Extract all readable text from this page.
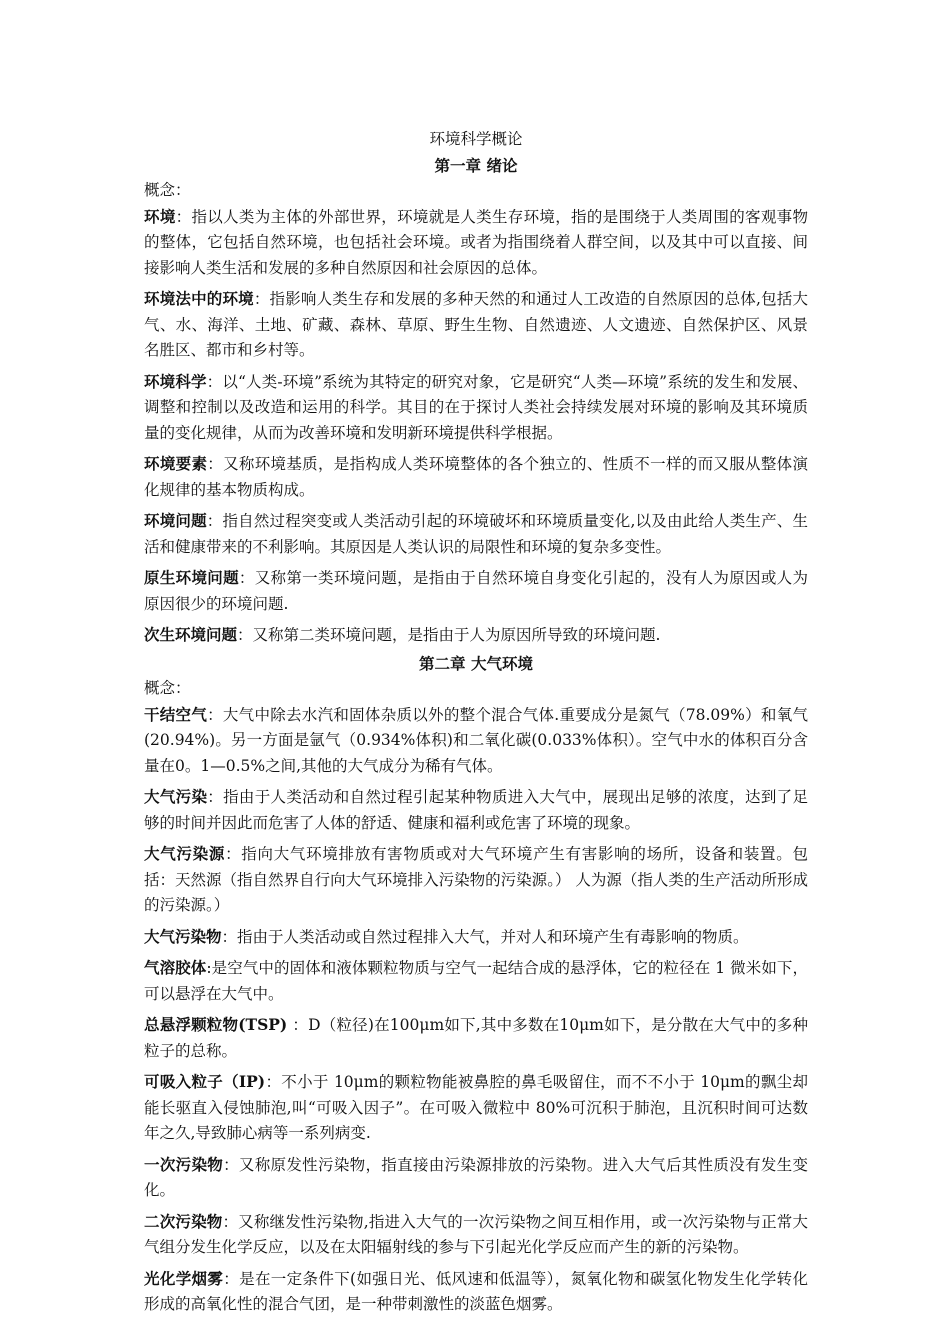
环境科学概论

第一章 绪论

概念：

环境：指以人类为主体的外部世界，环境就是人类生存环境，指的是围绕于人类周围的客观事物的整体，它包括自然环境，也包括社会环境。或者为指围绕着人群空间，以及其中可以直接、间接影响人类生活和发展的多种自然原因和社会原因的总体。

环境法中的环境：指影响人类生存和发展的多种天然的和通过人工改造的自然原因的总体,包括大气、水、海洋、土地、矿藏、森林、草原、野生生物、自然遗迹、人文遗迹、自然保护区、风景名胜区、都市和乡村等。

环境科学：以“人类-环境”系统为其特定的研究对象，它是研究“人类—环境”系统的发生和发展、调整和控制以及改造和运用的科学。其目的在于探讨人类社会持续发展对环境的影响及其环境质量的变化规律，从而为改善环境和发明新环境提供科学根据。

环境要素：又称环境基质，是指构成人类环境整体的各个独立的、性质不一样的而又服从整体演化规律的基本物质构成。

环境问题：指自然过程突变或人类活动引起的环境破坏和环境质量变化,以及由此给人类生产、生活和健康带来的不利影响。其原因是人类认识的局限性和环境的复杂多变性。

原生环境问题：又称第一类环境问题，是指由于自然环境自身变化引起的，没有人为原因或人为原因很少的环境问题.

次生环境问题：又称第二类环境问题，是指由于人为原因所导致的环境问题.

第二章 大气环境

概念：

干结空气：大气中除去水汽和固体杂质以外的整个混合气体.重要成分是氮气（78.09%）和氧气(20.94%)。另一方面是氩气（0.934%体积)和二氧化碳(0.033%体积）。空气中水的体积百分含量在0。1—0.5%之间,其他的大气成分为稀有气体。

大气污染：指由于人类活动和自然过程引起某种物质进入大气中，展现出足够的浓度，达到了足够的时间并因此而危害了人体的舒适、健康和福利或危害了环境的现象。

大气污染源：指向大气环境排放有害物质或对大气环境产生有害影响的场所，设备和装置。包括：天然源（指自然界自行向大气环境排入污染物的污染源。） 人为源（指人类的生产活动所形成的污染源。）

大气污染物：指由于人类活动或自然过程排入大气，并对人和环境产生有毒影响的物质。

气溶胶体:是空气中的固体和液体颗粒物质与空气一起结合成的悬浮体，它的粒径在 1 微米如下，可以悬浮在大气中。

总悬浮颗粒物(TSP) ：D（粒径)在100μm如下,其中多数在10μm如下，是分散在大气中的多种粒子的总称。

可吸入粒子（IP)：不小于 10μm的颗粒物能被鼻腔的鼻毛吸留住，而不不小于 10μm的飘尘却能长驱直入侵蚀肺泡,叫“可吸入因子”。在可吸入微粒中 80%可沉积于肺泡，且沉积时间可达数年之久,导致肺心病等一系列病变.

一次污染物：又称原发性污染物，指直接由污染源排放的污染物。进入大气后其性质没有发生变化。

二次污染物：又称继发性污染物,指进入大气的一次污染物之间互相作用，或一次污染物与正常大气组分发生化学反应，以及在太阳辐射线的参与下引起光化学反应而产生的新的污染物。

光化学烟雾：是在一定条件下(如强日光、低风速和低温等），氮氧化物和碳氢化物发生化学转化形成的高氧化性的混合气团，是一种带刺激性的淡蓝色烟雾。
